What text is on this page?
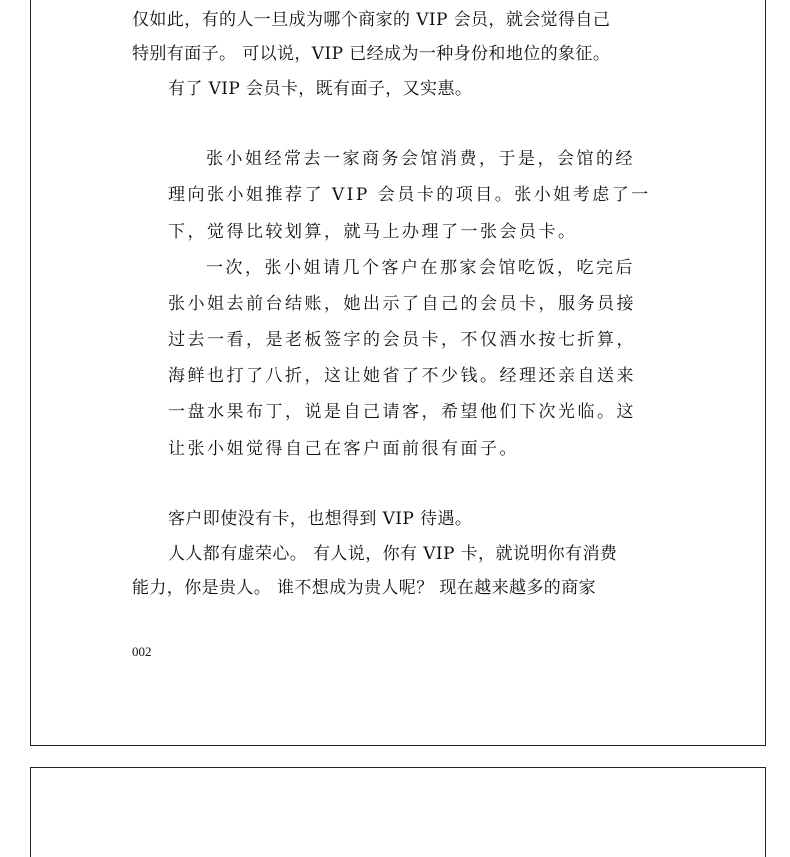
仅如此，有的人一旦成为哪个商家的 VIP 会员，就会觉得自己
特别有面子。 可以说，VIP 已经成为一种身份和地位的象征。
有了 VIP 会员卡，既有面子，又实惠。
张小姐经常去一家商务会馆消费，于是，会馆的经
理向张小姐推荐了 VIP 会员卡的项目。张小姐考虑了一
下，觉得比较划算，就马上办理了一张会员卡。
一次，张小姐请几个客户在那家会馆吃饭，吃完后
张小姐去前台结账，她出示了自己的会员卡，服务员接
过去一看，是老板签字的会员卡，不仅酒水按七折算，
海鲜也打了八折，这让她省了不少钱。经理还亲自送来
一盘水果布丁，说是自己请客，希望他们下次光临。这
让张小姐觉得自己在客户面前很有面子。
客户即使没有卡，也想得到 VIP 待遇。
人人都有虚荣心。 有人说，你有 VIP 卡，就说明你有消费
能力，你是贵人。 谁不想成为贵人呢？ 现在越来越多的商家
002
